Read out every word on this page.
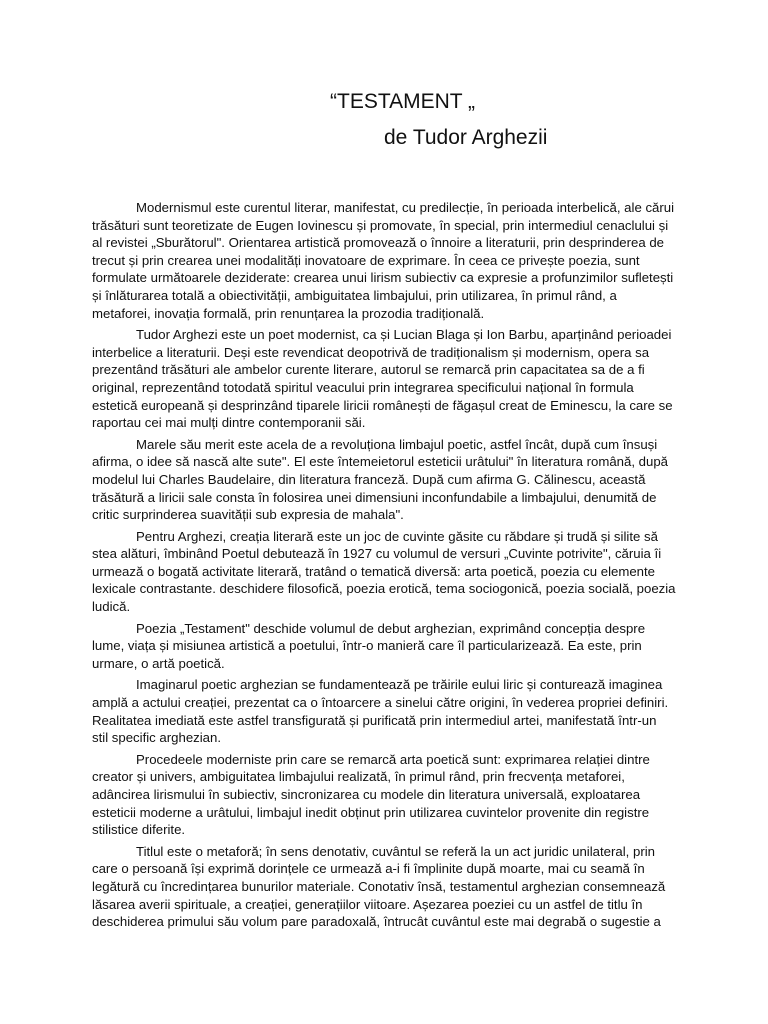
“TESTAMENT „
de Tudor Arghezii

Modernismul este curentul literar, manifestat, cu predilecție, în perioada interbelică, ale cărui trăsături sunt teoretizate de Eugen Iovinescu și promovate, în special, prin intermediul cenaclului și al revistei „Sburătorul". Orientarea artistică promovează o înnoire a literaturii, prin desprinderea de trecut și prin crearea unei modalități inovatoare de exprimare. În ceea ce privește poezia, sunt formulate următoarele deziderate: crearea unui lirism subiectiv ca expresie a profunzimilor sufletești și înlăturarea totală a obiectivității, ambiguitatea limbajului, prin utilizarea, în primul rând, a metaforei, inovația formală, prin renunțarea la prozodia tradițională.

Tudor Arghezi este un poet modernist, ca și Lucian Blaga și Ion Barbu, aparținând perioadei interbelice a literaturii. Deși este revendicat deopotrivă de tradiționalism și modernism, opera sa prezentând trăsături ale ambelor curente literare, autorul se remarcă prin capacitatea sa de a fi original, reprezentând totodată spiritul veacului prin integrarea specificului național în formula estetică europeană și desprinzând tiparele liricii românești de făgașul creat de Eminescu, la care se raportau cei mai mulți dintre contemporanii săi.

Marele său merit este acela de a revoluționa limbajul poetic, astfel încât, după cum însuși afirma, o idee să nască alte sute". El este întemeietorul esteticii urâtului" în literatura română, după modelul lui Charles Baudelaire, din literatura franceză. După cum afirma G. Călinescu, această trăsătură a liricii sale consta în folosirea unei dimensiuni inconfundabile a limbajului, denumită de critic surprinderea suavității sub expresia de mahala".

Pentru Arghezi, creația literară este un joc de cuvinte găsite cu răbdare și trudă și silite să stea alături, îmbinând Poetul debutează în 1927 cu volumul de versuri „Cuvinte potrivite", căruia îi urmează o bogată activitate literară, tratând o tematică diversă: arta poetică, poezia cu elemente lexicale contrastante. deschidere filosofică, poezia erotică, tema sociogonică, poezia socială, poezia ludică.

Poezia „Testament" deschide volumul de debut arghezian, exprimând concepția despre lume, viața și misiunea artistică a poetului, într-o manieră care îl particularizează. Ea este, prin urmare, o artă poetică.

Imaginarul poetic arghezian se fundamentează pe trăirile eului liric și conturează imaginea amplă a actului creației, prezentat ca o întoarcere a sinelui către origini, în vederea propriei definiri. Realitatea imediată este astfel transfigurată și purificată prin intermediul artei, manifestată într-un stil specific arghezian.

Procedeele moderniste prin care se remarcă arta poetică sunt: exprimarea relației dintre creator și univers, ambiguitatea limbajului realizată, în primul rând, prin frecvența metaforei, adâncirea lirismului în subiectiv, sincronizarea cu modele din literatura universală, exploatarea esteticii moderne a urâtului, limbajul inedit obținut prin utilizarea cuvintelor provenite din registre stilistice diferite.

Titlul este o metaforă; în sens denotativ, cuvântul se referă la un act juridic unilateral, prin care o persoană își exprimă dorințele ce urmează a-i fi împlinite după moarte, mai cu seamă în legătură cu încredințarea bunurilor materiale. Conotativ însă, testamentul arghezian consemnează lăsarea averii spirituale, a creației, generațiilor viitoare. Așezarea poeziei cu un astfel de titlu în deschiderea primului său volum pare paradoxală, întrucât cuvântul este mai degrabă o sugestie a
